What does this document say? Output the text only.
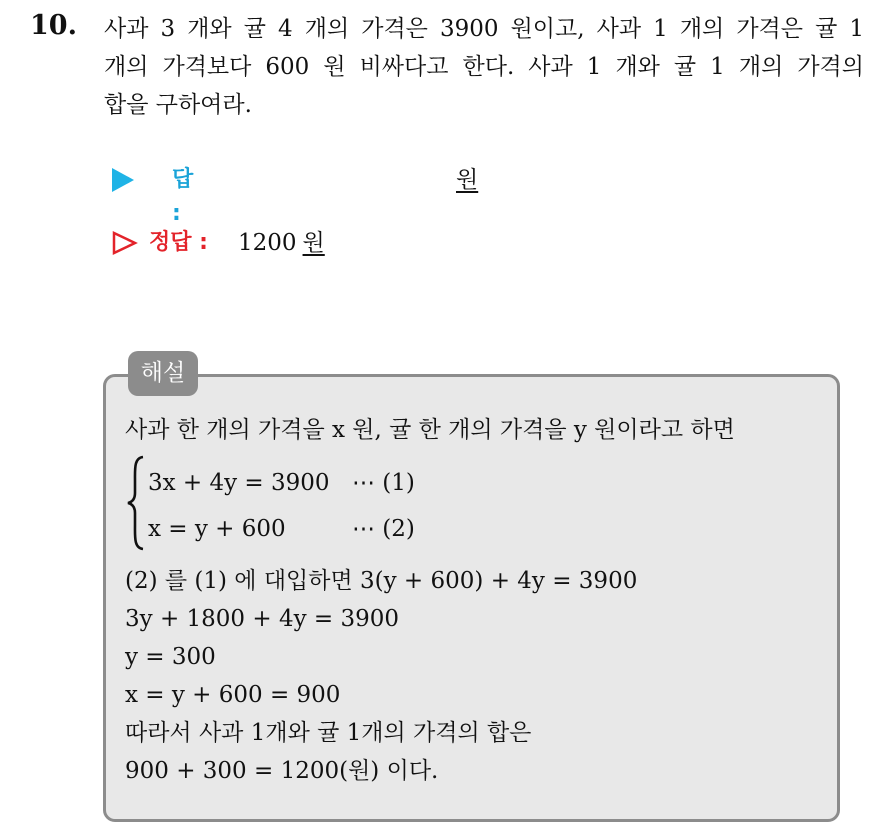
10. 사과 3 개와 귤 4 개의 가격은 3900 원이고, 사과 1 개의 가격은 귤 1
개의 가격보다 600 원 비싸다고 한다. 사과 1 개와 귤 1 개의 가격의
합을 구하여라.
답 :
원
정답 : 1200 원
해설
사과 한 개의 가격을 x 원, 귤 한 개의 가격을 y 원이라고 하면
3x + 4y = 3900 ⋯ (1)
x = y + 600	⋯ (2)
(2) 를 (1) 에 대입하면 3(y + 600) + 4y = 3900
3y + 1800 + 4y = 3900
y = 300
x = y + 600 = 900
따라서 사과 1개와 귤 1개의 가격의 합은
900 + 300 = 1200(원) 이다.
